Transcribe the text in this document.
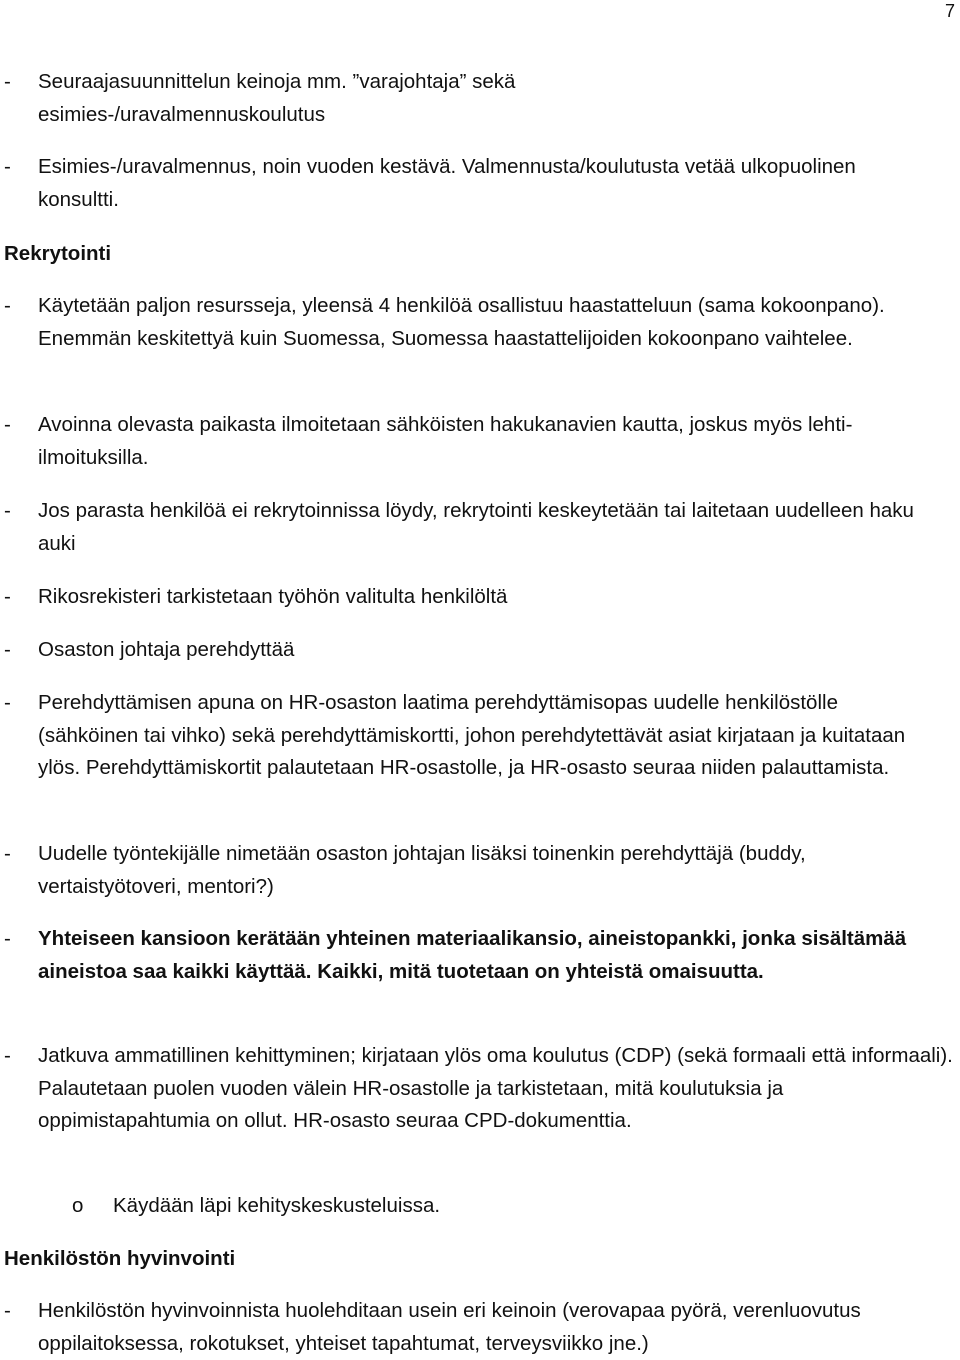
7
-	Seuraajasuunnittelun keinoja mm. ”varajohtaja” sekä esimies-/uravalmennuskoulutus
-	Esimies-/uravalmennus, noin vuoden kestävä. Valmennusta/koulutusta vetää ulkopuolinen konsultti.
Rekrytointi
-	Käytetään paljon resursseja, yleensä 4 henkilöä osallistuu haastatteluun (sama kokoonpano). Enemmän keskitettyä kuin Suomessa, Suomessa haastattelijoiden kokoonpano vaihtelee.
-	Avoinna olevasta paikasta ilmoitetaan sähköisten hakukanavien kautta, joskus myös lehti-ilmoituksilla.
-	Jos parasta henkilöä ei rekrytoinnissa löydy, rekrytointi keskeytetään tai laitetaan uudelleen haku auki
-	Rikosrekisteri tarkistetaan työhön valitulta henkilöltä
-	Osaston johtaja perehdyttää
-	Perehdyttämisen apuna on HR-osaston laatima perehdyttämisopas uudelle henkilöstölle (sähköinen tai vihko) sekä perehdyttämiskortti, johon perehdytettävät asiat kirjataan ja kuitataan ylös. Perehdyttämiskortit palautetaan HR-osastolle, ja HR-osasto seuraa niiden palauttamista.
-	Uudelle työntekijälle nimetään osaston johtajan lisäksi toinenkin perehdyttäjä (buddy, vertaistyötoveri, mentori?)
-	Yhteiseen kansioon kerätään yhteinen materiaalikansio, aineistopankki, jonka sisältämää aineistoa saa kaikki käyttää. Kaikki, mitä tuotetaan on yhteistä omaisuutta.
-	Jatkuva ammatillinen kehittyminen; kirjataan ylös oma koulutus (CDP) (sekä formaali että informaali). Palautetaan puolen vuoden välein HR-osastolle ja tarkistetaan, mitä koulutuksia ja oppimistapahtumia on ollut. HR-osasto seuraa CPD-dokumenttia.
o Käydään läpi kehityskeskusteluissa.
Henkilöstön hyvinvointi
-	Henkilöstön hyvinvoinnista huolehditaan usein eri keinoin (verovapaa pyörä, verenluovutus oppilaitoksessa, rokotukset, yhteiset tapahtumat, terveysviikko jne.)
